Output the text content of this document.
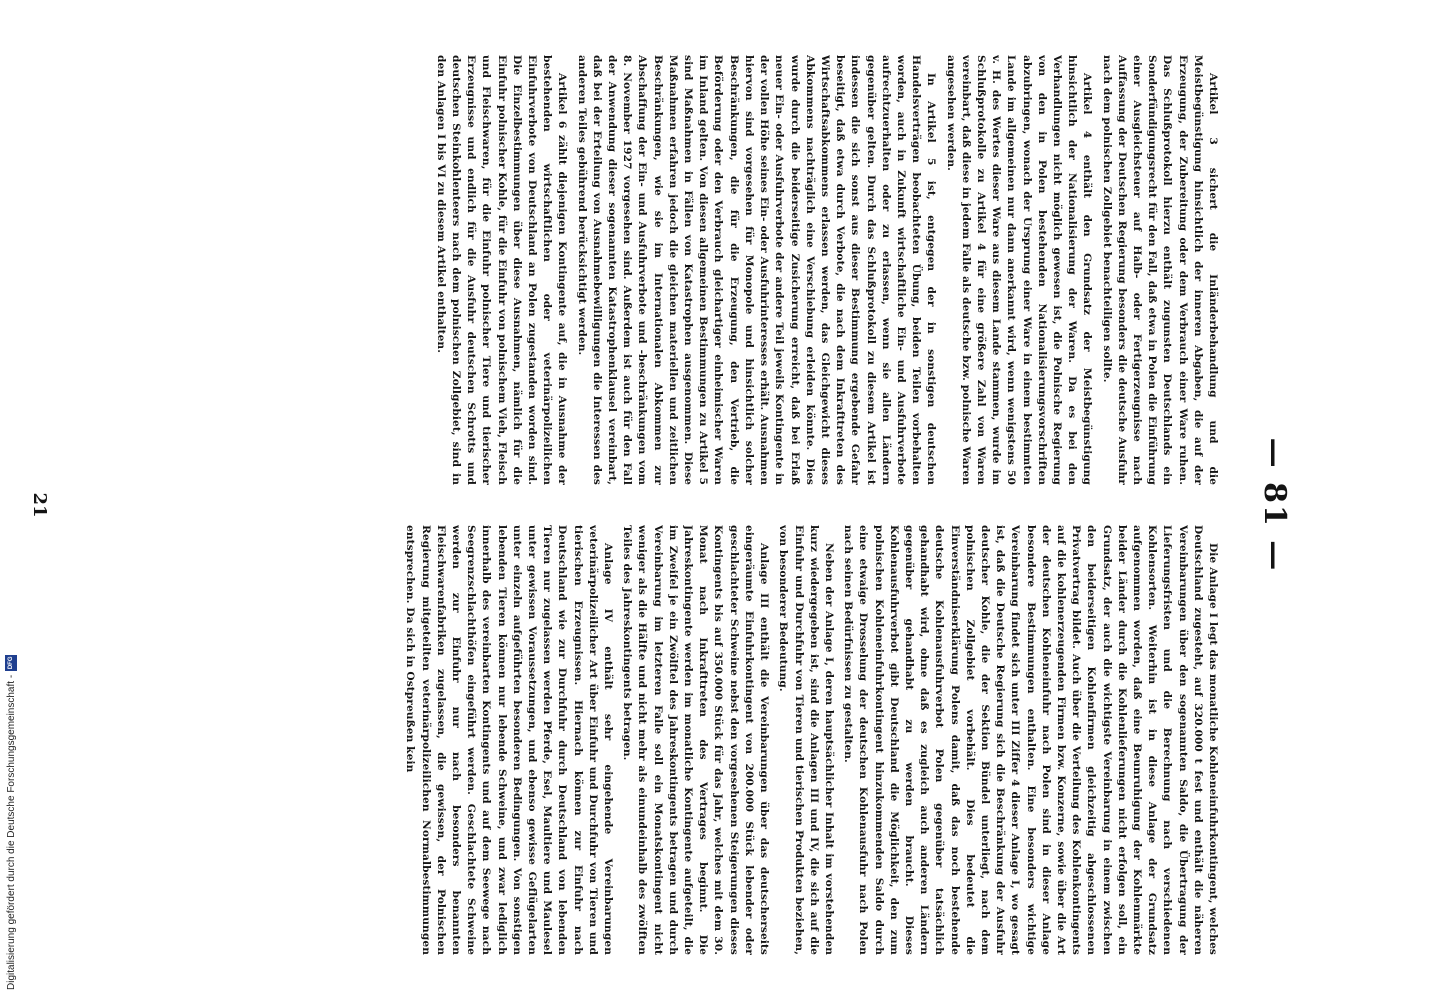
— 81 —

Artikel 3 sichert die Inländerbehandlung und die Meistbegünstigung hinsichtlich der inneren Abgaben, die auf der Erzeugung, der Zubereitung oder dem Verbrauch einer Ware ruhen. Das Schlußprotokoll hierzu enthält zugunsten Deutschlands ein Sonderfündigungsrecht für den Fall, daß etwa in Polen die Einführung einer Ausgleichsteuer auf Halb- oder Fertigerzeugnisse nach Auffassung der Deutschen Regierung besonders die deutsche Ausfuhr nach dem polnischen Zollgebiet benachteiligen sollte.

Artikel 4 enthält den Grundsatz der Meistbegünstigung hinsichtlich der Nationalisierung der Waren. Da es bei den Verhandlungen nicht möglich gewesen ist, die Polnische Regierung von den in Polen bestehenden Nationalisierungsvorschriften abzubringen, wonach der Ursprung einer Ware in einem bestimmten Lande im allgemeinen nur dann anerkannt wird, wenn wenigstens 50 v. H. des Wertes dieser Ware aus diesem Lande stammen, wurde im Schlußprotokolle zu Artikel 4 für eine größere Zahl von Waren vereinbart, daß diese in jedem Falle als deutsche bzw. polnische Waren angesehen werden.

In Artikel 5 ist, entgegen der in sonstigen deutschen Handelsverträgen beobachteten Übung, beiden Teilen vorbehalten worden, auch in Zukunft wirtschaftliche Ein- und Ausfuhrverbote aufrechtzuerhalten oder zu erlassen, wenn sie allen Ländern gegenüber gelten. Durch das Schlußprotokoll zu diesem Artikel ist indessen die sich sonst aus dieser Bestimmung ergebende Gefahr beseitigt, daß etwa durch Verbote, die nach dem Inkrafttreten des Wirtschaftsabkommens erlassen werden, das Gleichgewicht dieses Abkommens nachträglich eine Verschiebung erleiden könnte. Dies wurde durch die beiderseitige Zusicherung erreicht, daß bei Erlaß neuer Ein- oder Ausfuhrverbote der andere Teil jeweils Kontingente in der vollen Höhe seines Ein- oder Ausfuhrinteresses erhält. Ausnahmen hiervon sind vorgesehen für Monopole und hinsichtlich solcher Beschränkungen, die für die Erzeugung, den Vertrieb, die Beförderung oder den Verbrauch gleichartiger einheimischer Waren im Inland gelten. Von diesen allgemeinen Bestimmungen zu Artikel 5 sind Maßnahmen in Fällen von Katastrophen ausgenommen. Diese Maßnahmen erfahren jedoch die gleichen materiellen und zeitlichen Beschränkungen, wie sie im Internationalen Abkommen zur Abschaffung der Ein- und Ausfuhrverbote und -beschränkungen vom 8. November 1927 vorgesehen sind. Außerdem ist auch für den Fall der Anwendung dieser sogenannten Katastrophenklausel vereinbart, daß bei der Erteilung von Ausnahmebewilligungen die Interessen des anderen Teiles gebührend berücksichtigt werden.

Artikel 6 zählt diejenigen Kontingente auf, die in Ausnahme der bestehenden wirtschaftlichen oder veterinärpolizeilichen Einfuhrverbote von Deutschland an Polen zugestanden worden sind. Die Einzelbestimmungen über diese Ausnahmen, nämlich für die Einfuhr polnischer Kohle, für die Einfuhr von polnischem Vieh, Fleisch und Fleischwaren, für die Einfuhr polnischer Tiere und tierischer Erzeugnisse und endlich für die Ausfuhr deutschen Schrotts und deutschen Steinkohlenteers nach dem polnischen Zollgebiet, sind in den Anlagen I bis VI zu diesem Artikel enthalten.

Die Anlage I legt das monatliche Kohleneinfuhrkontingent, welches Deutschland zugesteht, auf 320.000 t fest und enthält die näheren Vereinbarungen über den sogenannten Saldo, die Übertragung der Lieferungsfristen und die Berechnung nach verschiedenen Kohlensorten. Weiterhin ist in diese Anlage der Grundsatz aufgenommen worden, daß eine Beunruhigung der Kohlenmärkte beider Länder durch die Kohlenlieferungen nicht erfolgen soll, ein Grundsatz, der auch die wichtigste Vereinbarung in einem zwischen den beiderseitigen Kohlenfirmen gleichzeitig abgeschlossenen Privatvertrag bildet. Auch über die Verteilung des Kohlenkontingents auf die kohlenerzeugenden Firmen bzw. Konzerne, sowie über die Art der deutschen Kohleneinfuhr nach Polen sind in dieser Anlage besondere Bestimmungen enthalten. Eine besonders wichtige Vereinbarung findet sich unter III Ziffer 4 dieser Anlage I, wo gesagt ist, daß die Deutsche Regierung sich die Beschränkung der Ausfuhr deutscher Kohle, die der Sektion Bündel unterliegt, nach dem polnischen Zollgebiet vorbehält. Dies bedeutet die Einverständniserklärung Polens damit, daß das noch bestehende deutsche Kohlenausfuhrverbot Polen gegenüber tatsächlich gehandhabt wird, ohne daß es zugleich auch anderen Ländern gegenüber gehandhabt zu werden braucht. Dieses Kohlenausfuhrverbot gibt Deutschland die Möglichkeit, den zum polnischen Kohleneinfuhrkontingent hinzukommenden Saldo durch eine etwaige Drosselung der deutschen Kohlenausfuhr nach Polen nach seinen Bedürfnissen zu gestalten.

Neben der Anlage I, deren hauptsächlicher Inhalt im vorstehenden kurz wiedergegeben ist, sind die Anlagen III und IV, die sich auf die Einfuhr und Durchfuhr von Tieren und tierischen Produkten beziehen, von besonderer Bedeutung.

Anlage III enthält die Vereinbarungen über das deutscherseits eingeräumte Einfuhrkontingent von 200.000 Stück lebender oder geschlachteter Schweine nebst den vorgesehenen Steigerungen dieses Kontingents bis auf 350.000 Stück für das Jahr, welches mit dem 30. Monat nach Inkrafttreten des Vertrages beginnt. Die Jahreskontingente werden im monatliche Kontingente aufgeteilt, die im Zweifel je ein Zwölftel des Jahreskontingents betragen und durch Vereinbarung im letzteren Falle soll ein Monatskontingent nicht weniger als die Hälfte und nicht mehr als einundeinhalb des zwölften Teiles des Jahreskontingents betragen.

Anlage IV enthält sehr eingehende Vereinbarungen veterinärpolizeilicher Art über Einfuhr und Durchfuhr von Tieren und tierischen Erzeugnissen. Hiernach können zur Einfuhr nach Deutschland wie zur Durchfuhr durch Deutschland von lebenden Tieren nur zugelassen werden Pferde, Esel, Maultiere und Maulesel unter gewissen Voraussetzungen, und ebenso gewisse Geflügelarten unter einzeln aufgeführten besonderen Bedingungen. Von sonstigen lebenden Tieren können nur lebende Schweine, und zwar lediglich innerhalb des vereinbarten Kontingents und auf dem Seewege nach Seegrenzschlachthöfen eingeführt werden. Geschlachtete Schweine werden zur Einfuhr nur nach besonders benannten Fleischwarenfabriken zugelassen, die gewissen, der Polnischen Regierung mitgeteilten veterinärpolizeilichen Normalbestimmungen entsprechen. Da sich in Ostpreußen kein

21
Digitalisierung gefördert durch die Deutsche Forschungsgemeinschaft -
DFG
